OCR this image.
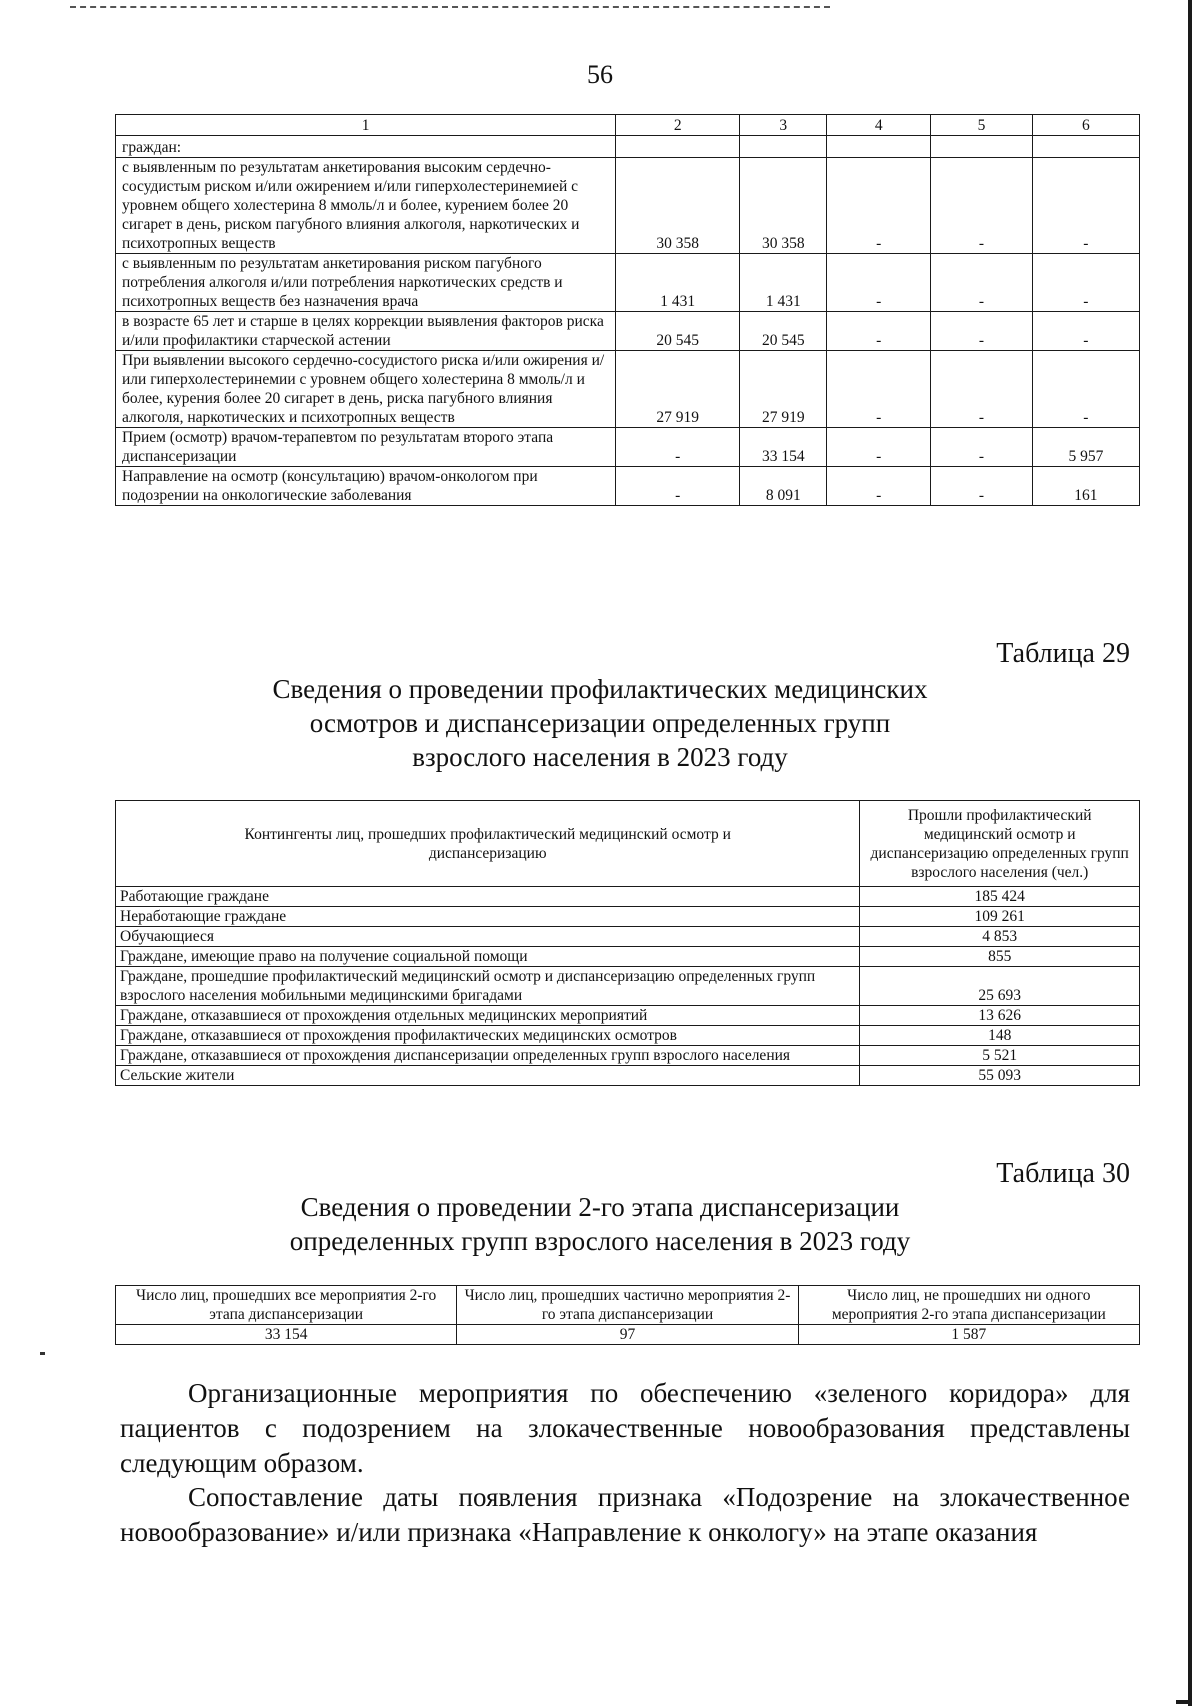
56
1	2	3	4	5	6
граждан:					
с выявленным по результатам анкетирования высоким сердечно-сосудистым риском и/или ожирением и/или гиперхолестеринемией с уровнем общего холестерина 8 ммоль/л и более, курением более 20 сигарет в день, риском пагубного влияния алкоголя, наркотических и психотропных веществ	30 358	30 358	-	-	-
с выявленным по результатам анкетирования риском пагубного потребления алкоголя и/или потребления наркотических средств и психотропных веществ без назначения врача	1 431	1 431	-	-	-
в возрасте 65 лет и старше в целях коррекции выявления факторов риска и/или профилактики старческой астении	20 545	20 545	-	-	-
При выявлении высокого сердечно-сосудистого риска и/или ожирения и/или гиперхолестеринемии с уровнем общего холестерина 8 ммоль/л и более, курения более 20 сигарет в день, риска пагубного влияния алкоголя, наркотических и психотропных веществ	27 919	27 919	-	-	-
Прием (осмотр) врачом-терапевтом по результатам второго этапа диспансеризации	-	33 154	-	-	5 957
Направление на осмотр (консультацию) врачом-онкологом при подозрении на онкологические заболевания	-	8 091	-	-	161
Таблица 29
Сведения о проведении профилактических медицинских
осмотров и диспансеризации определенных групп
взрослого населения в 2023 году
Контингенты лиц, прошедших профилактический медицинский осмотр и диспансеризацию	Прошли профилактический медицинский осмотр и диспансеризацию определенных групп взрослого населения (чел.)
Работающие граждане	185 424
Неработающие граждане	109 261
Обучающиеся	4 853
Граждане, имеющие право на получение социальной помощи	855
Граждане, прошедшие профилактический медицинский осмотр и диспансеризацию определенных групп взрослого населения мобильными медицинскими бригадами	25 693
Граждане, отказавшиеся от прохождения отдельных медицинских мероприятий	13 626
Граждане, отказавшиеся от прохождения профилактических медицинских осмотров	148
Граждане, отказавшиеся от прохождения диспансеризации определенных групп взрослого населения	5 521
Сельские жители	55 093
Таблица 30
Сведения о проведении 2-го этапа диспансеризации
определенных групп взрослого населения в 2023 году
Число лиц, прошедших все мероприятия 2-го этапа диспансеризации	Число лиц, прошедших частично мероприятия 2-го этапа диспансеризации	Число лиц, не прошедших ни одного мероприятия 2-го этапа диспансеризации
33 154	97	1 587
Организационные мероприятия по обеспечению «зеленого коридора» для пациентов с подозрением на злокачественные новообразования представлены следующим образом.
Сопоставление даты появления признака «Подозрение на злокачественное новообразование» и/или признака «Направление к онкологу» на этапе оказания
